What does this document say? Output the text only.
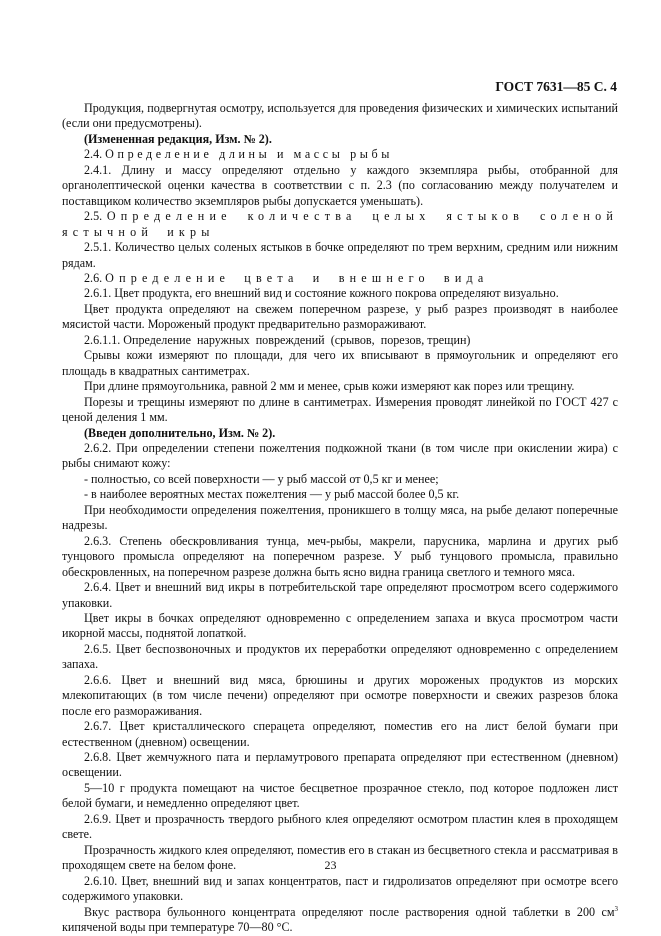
ГОСТ 7631—85 С. 4

Продукция, подвергнутая осмотру, используется для проведения физических и химических испытаний (если они предусмотрены).

(Измененная редакция, Изм. № 2).

2.4. Определение длины и массы рыбы

2.4.1. Длину и массу определяют отдельно у каждого экземпляра рыбы, отобранной для органолептической оценки качества в соответствии с п. 2.3 (по согласованию между получателем и поставщиком количество экземпляров рыбы допускается уменьшать).

2.5. Определение количества целых ястыков соленой ястычной икры

2.5.1. Количество целых соленых ястыков в бочке определяют по трем верхним, средним или нижним рядам.

2.6. Определение цвета и внешнего вида

2.6.1. Цвет продукта, его внешний вид и состояние кожного покрова определяют визуально.

Цвет продукта определяют на свежем поперечном разрезе, у рыб разрез производят в наиболее мясистой части. Мороженый продукт предварительно размораживают.

2.6.1.1. Определение  наружных  повреждений  (срывов,  порезов, трещин)

Срывы кожи измеряют по площади, для чего их вписывают в прямоугольник и определяют его площадь в квадратных сантиметрах.

При длине прямоугольника, равной 2 мм и менее, срыв кожи измеряют как порез или трещину.

Порезы и трещины измеряют по длине в сантиметрах. Измерения проводят линейкой по ГОСТ 427 с ценой деления 1 мм.

(Введен дополнительно, Изм. № 2).

2.6.2. При определении степени пожелтения подкожной ткани (в том числе при окислении жира) с рыбы снимают кожу:

- полностью, со всей поверхности — у рыб массой от 0,5 кг и менее;

- в наиболее вероятных местах пожелтения — у рыб массой более 0,5 кг.

При необходимости определения пожелтения, проникшего в толщу мяса, на рыбе делают поперечные надрезы.

2.6.3. Степень обескровливания тунца, меч-рыбы, макрели, парусника, марлина и других рыб тунцового промысла определяют на поперечном разрезе. У рыб тунцового промысла, правильно обескровленных, на поперечном разрезе должна быть ясно видна граница светлого и темного мяса.

2.6.4. Цвет и внешний вид икры в потребительской таре определяют просмотром всего содержимого упаковки.

Цвет икры в бочках определяют одновременно с определением запаха и вкуса просмотром части икорной массы, поднятой лопаткой.

2.6.5. Цвет беспозвоночных и продуктов их переработки определяют одновременно с определением запаха.

2.6.6. Цвет и внешний вид мяса, брюшины и других мороженых продуктов из морских млекопитающих (в том числе печени) определяют при осмотре поверхности и свежих разрезов блока после его размораживания.

2.6.7. Цвет кристаллического сперацета определяют, поместив его на лист белой бумаги при естественном (дневном) освещении.

2.6.8. Цвет жемчужного пата и перламутрового препарата определяют при естественном (дневном) освещении.

5—10 г продукта помещают на чистое бесцветное прозрачное стекло, под которое подложен лист белой бумаги, и немедленно определяют цвет.

2.6.9. Цвет и прозрачность твердого рыбного клея определяют осмотром пластин клея в проходящем свете.

Прозрачность жидкого клея определяют, поместив его в стакан из бесцветного стекла и рассматривая в проходящем свете на белом фоне.

2.6.10. Цвет, внешний вид и запах концентратов, паст и гидролизатов определяют при осмотре всего содержимого упаковки.

Вкус раствора бульонного концентрата определяют после растворения одной таблетки в 200 $см^3$ кипяченой воды при температуре 70—80 °С.

23
